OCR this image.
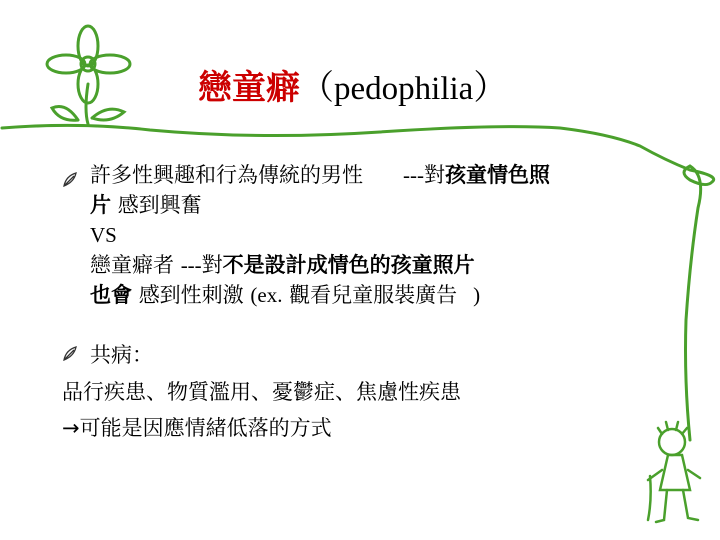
戀童癖（pedophilia）
許多性興趣和行為傳統的男性 ---對孩童情色照
片 感到興奮
VS
戀童癖者 ---對不是設計成情色的孩童照片
也會 感到性刺激 (ex. 觀看兒童服裝廣告 )
共病：
品行疾患、物質濫用、憂鬱症、焦慮性疾患
→可能是因應情緒低落的方式
